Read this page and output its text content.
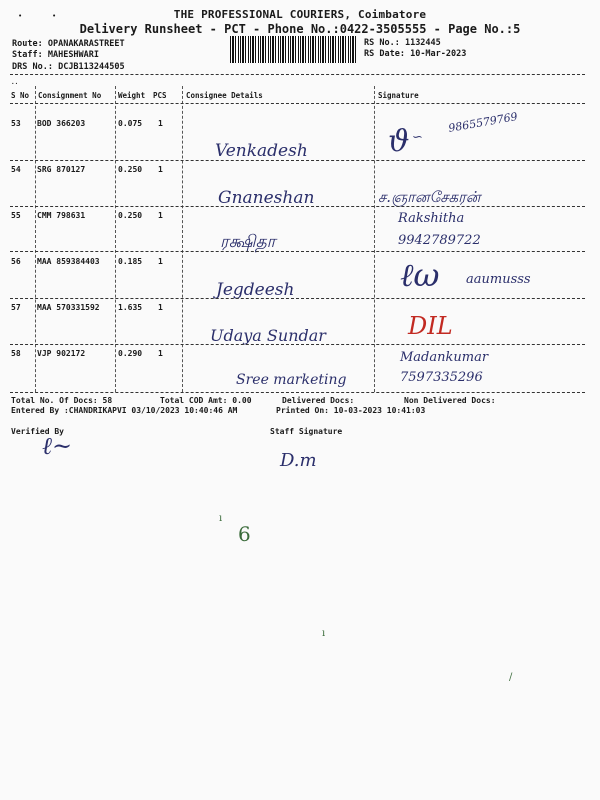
•	•	THE PROFESSIONAL COURIERS, Coimbatore
Delivery Runsheet - PCT - Phone No.:0422-3505555 - Page No.:5
Route: OPANAKARASTREET
Staff: MAHESHWARI
DRS No.: DCJB113244505
RS No.: 1132445
RS Date: 10-Mar-2023
..
S No Consignment No Weight PCS	Consignee Details	Signature
53 BOD 366203	0.075 1
Venkadesh	ϑ ∽
9865579769
54 SRG 870127	0.250 1
Gnaneshan	ச.ஞானசேகரன்
55 CMM 798631	0.250 1
ரக்ஷிதா
Rakshitha 9942789722
56 MAA 859384403 0.185 1
Jegdeesh	ℓω aaumusss
57 MAA 570331592 1.635 1
Udaya Sundar	DIL
58 VJP 902172	0.290 1
Sree marketing
Madankumar 7597335296
Total No. Of Docs: 58	Total COD Amt: 0.00	Delivered Docs:	Non Delivered Docs:
Entered By :CHANDRIKAPVI 03/10/2023 10:40:46 AM	Printed On: 10-03-2023 10:41:03
Verified By
ℓ~
Staff Signature
D.m
6
ı
ı
/
